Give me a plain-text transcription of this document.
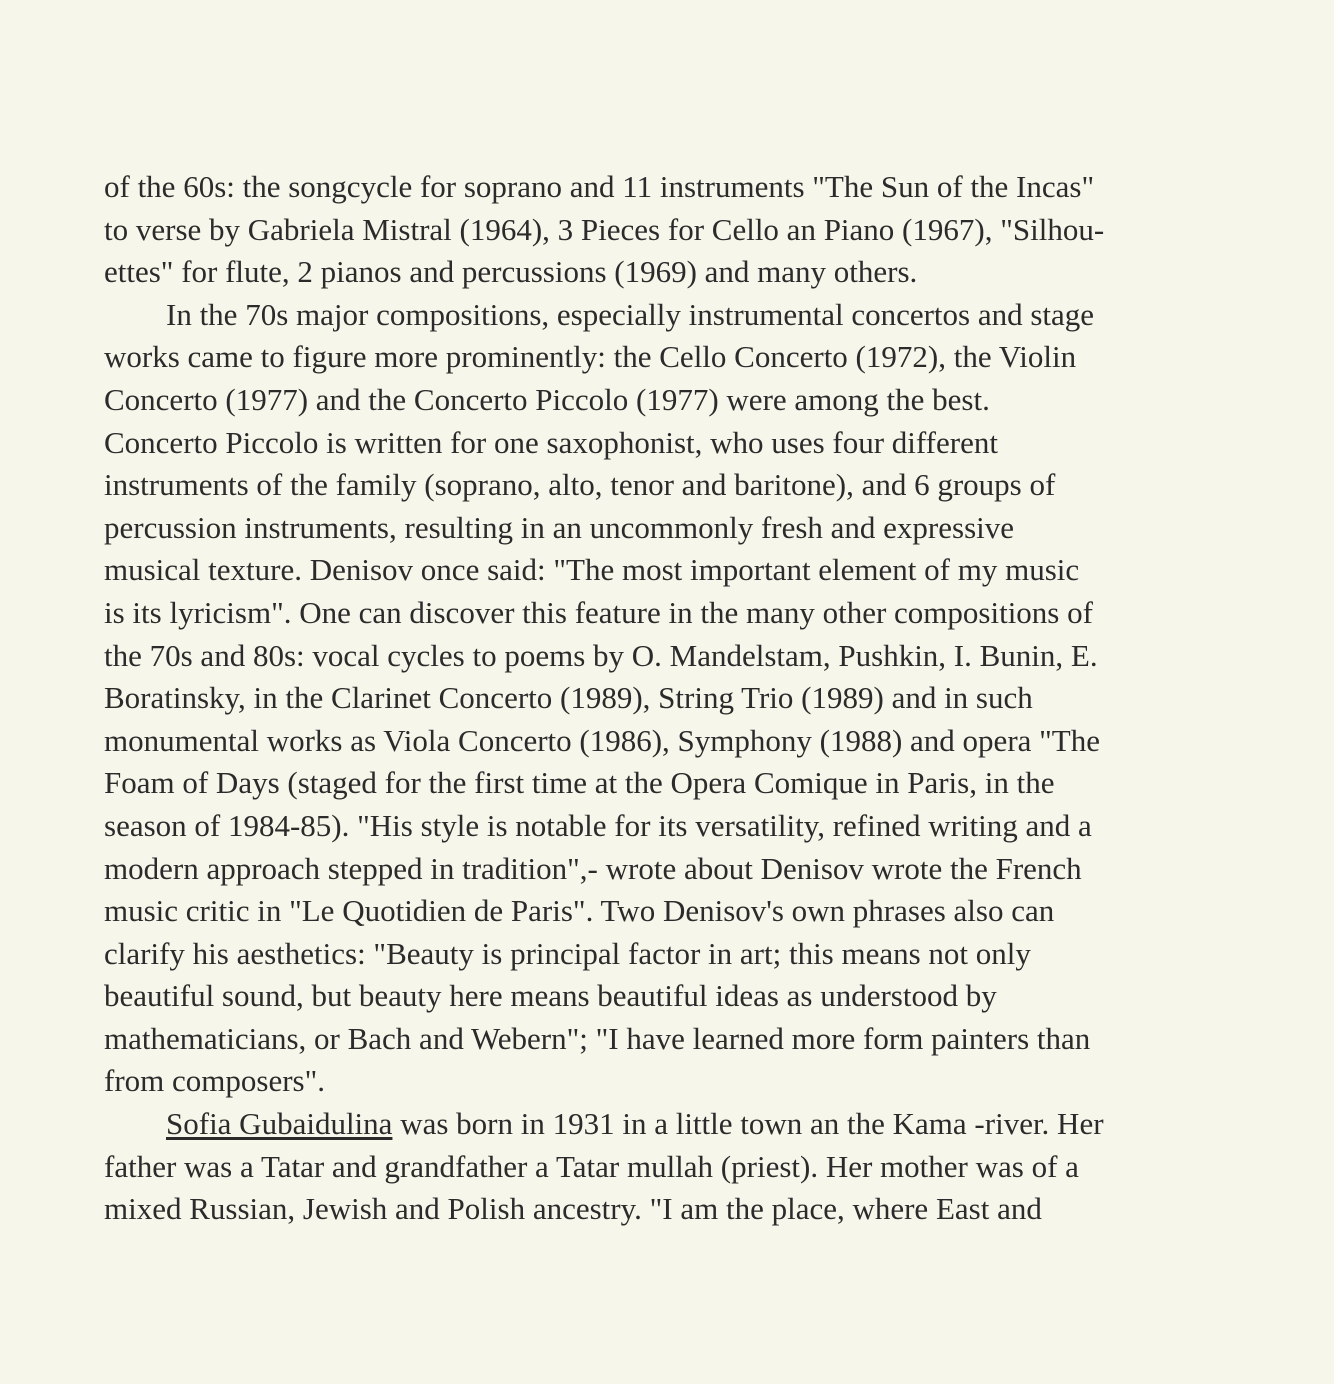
of the 60s: the songcycle for soprano and 11 instruments "The Sun of the Incas"
to verse by Gabriela Mistral (1964), 3 Pieces for Cello an Piano (1967), "Silhou-
ettes" for flute, 2 pianos and percussions (1969) and many others.
In the 70s major compositions, especially instrumental concertos and stage
works came to figure more prominently: the Cello Concerto (1972), the Violin
Concerto (1977) and the Concerto Piccolo (1977) were among the best.
Concerto Piccolo is written for one saxophonist, who uses four different
instruments of the family (soprano, alto, tenor and baritone), and 6 groups of
percussion instruments, resulting in an uncommonly fresh and expressive
musical texture. Denisov once said: "The most important element of my music
is its lyricism". One can discover this feature in the many other compositions of
the 70s and 80s: vocal cycles to poems by O. Mandelstam, Pushkin, I. Bunin, E.
Boratinsky, in the Clarinet Concerto (1989), String Trio (1989) and in such
monumental works as Viola Concerto (1986), Symphony (1988) and opera "The
Foam of Days (staged for the first time at the Opera Comique in Paris, in the
season of 1984-85). "His style is notable for its versatility, refined writing and a
modern approach stepped in tradition",- wrote about Denisov wrote the French
music critic in "Le Quotidien de Paris". Two Denisov's own phrases also can
clarify his aesthetics: "Beauty is principal factor in art; this means not only
beautiful sound, but beauty here means beautiful ideas as understood by
mathematicians, or Bach and Webern"; "I have learned more form painters than
from composers".
Sofia Gubaidulina was born in 1931 in a little town an the Kama -river. Her
father was a Tatar and grandfather a Tatar mullah (priest). Her mother was of a
mixed Russian, Jewish and Polish ancestry. "I am the place, where East and
